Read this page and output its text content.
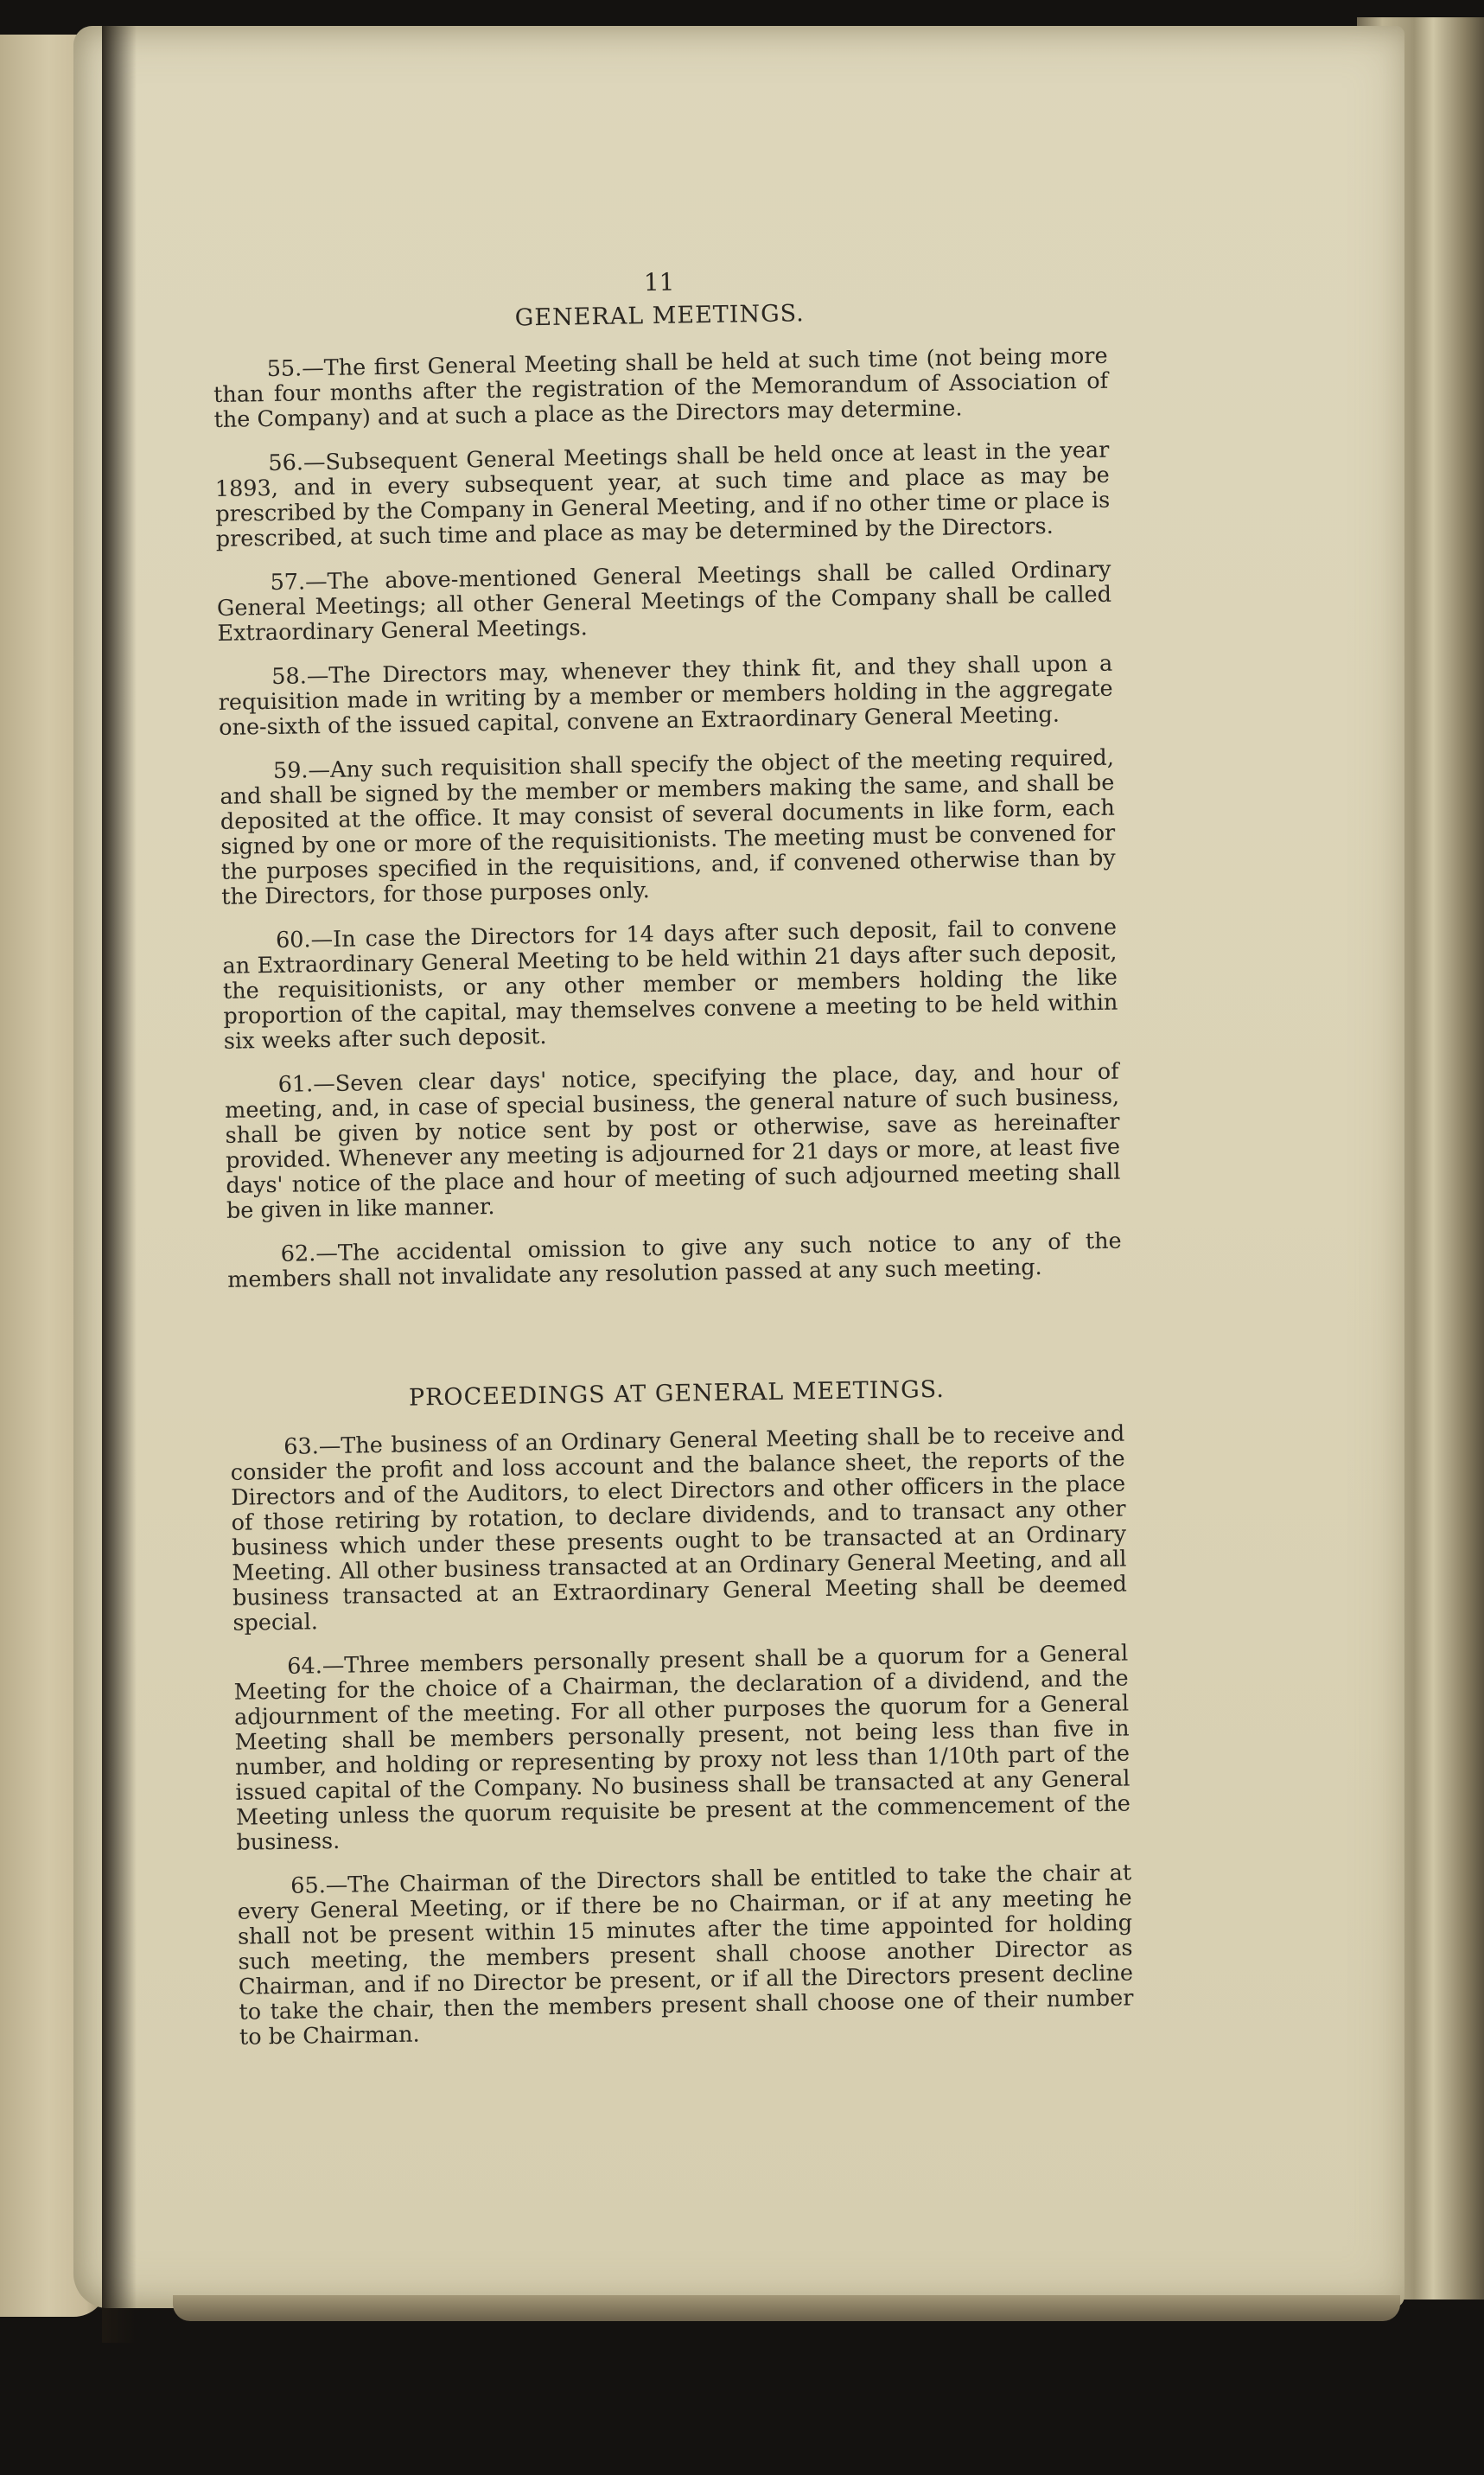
11
GENERAL MEETINGS.

55.—The first General Meeting shall be held at such time (not being more than four months after the registration of the Memorandum of Association of the Company) and at such a place as the Directors may determine.

56.—Subsequent General Meetings shall be held once at least in the year 1893, and in every subsequent year, at such time and place as may be prescribed by the Company in General Meeting, and if no other time or place is prescribed, at such time and place as may be determined by the Directors.

57.—The above-mentioned General Meetings shall be called Ordinary General Meetings; all other General Meetings of the Company shall be called Extraordinary General Meetings.

58.—The Directors may, whenever they think fit, and they shall upon a requisition made in writing by a member or members holding in the aggregate one-sixth of the issued capital, convene an Extraordinary General Meeting.

59.—Any such requisition shall specify the object of the meeting required, and shall be signed by the member or members making the same, and shall be deposited at the office. It may consist of several documents in like form, each signed by one or more of the requisitionists. The meeting must be convened for the purposes specified in the requisitions, and, if convened otherwise than by the Directors, for those purposes only.

60.—In case the Directors for 14 days after such deposit, fail to convene an Extraordinary General Meeting to be held within 21 days after such deposit, the requisitionists, or any other member or members holding the like proportion of the capital, may themselves convene a meeting to be held within six weeks after such deposit.

61.—Seven clear days' notice, specifying the place, day, and hour of meeting, and, in case of special business, the general nature of such business, shall be given by notice sent by post or otherwise, save as hereinafter provided. Whenever any meeting is adjourned for 21 days or more, at least five days' notice of the place and hour of meeting of such adjourned meeting shall be given in like manner.

62.—The accidental omission to give any such notice to any of the members shall not invalidate any resolution passed at any such meeting.

PROCEEDINGS AT GENERAL MEETINGS.

63.—The business of an Ordinary General Meeting shall be to receive and consider the profit and loss account and the balance sheet, the reports of the Directors and of the Auditors, to elect Directors and other officers in the place of those retiring by rotation, to declare dividends, and to transact any other business which under these presents ought to be transacted at an Ordinary Meeting. All other business transacted at an Ordinary General Meeting, and all business transacted at an Extraordinary General Meeting shall be deemed special.

64.—Three members personally present shall be a quorum for a General Meeting for the choice of a Chairman, the declaration of a dividend, and the adjournment of the meeting. For all other purposes the quorum for a General Meeting shall be members personally present, not being less than five in number, and holding or representing by proxy not less than 1/10th part of the issued capital of the Company. No business shall be transacted at any General Meeting unless the quorum requisite be present at the commencement of the business.

65.—The Chairman of the Directors shall be entitled to take the chair at every General Meeting, or if there be no Chairman, or if at any meeting he shall not be present within 15 minutes after the time appointed for holding such meeting, the members present shall choose another Director as Chairman, and if no Director be present, or if all the Directors present decline to take the chair, then the members present shall choose one of their number to be Chairman.
